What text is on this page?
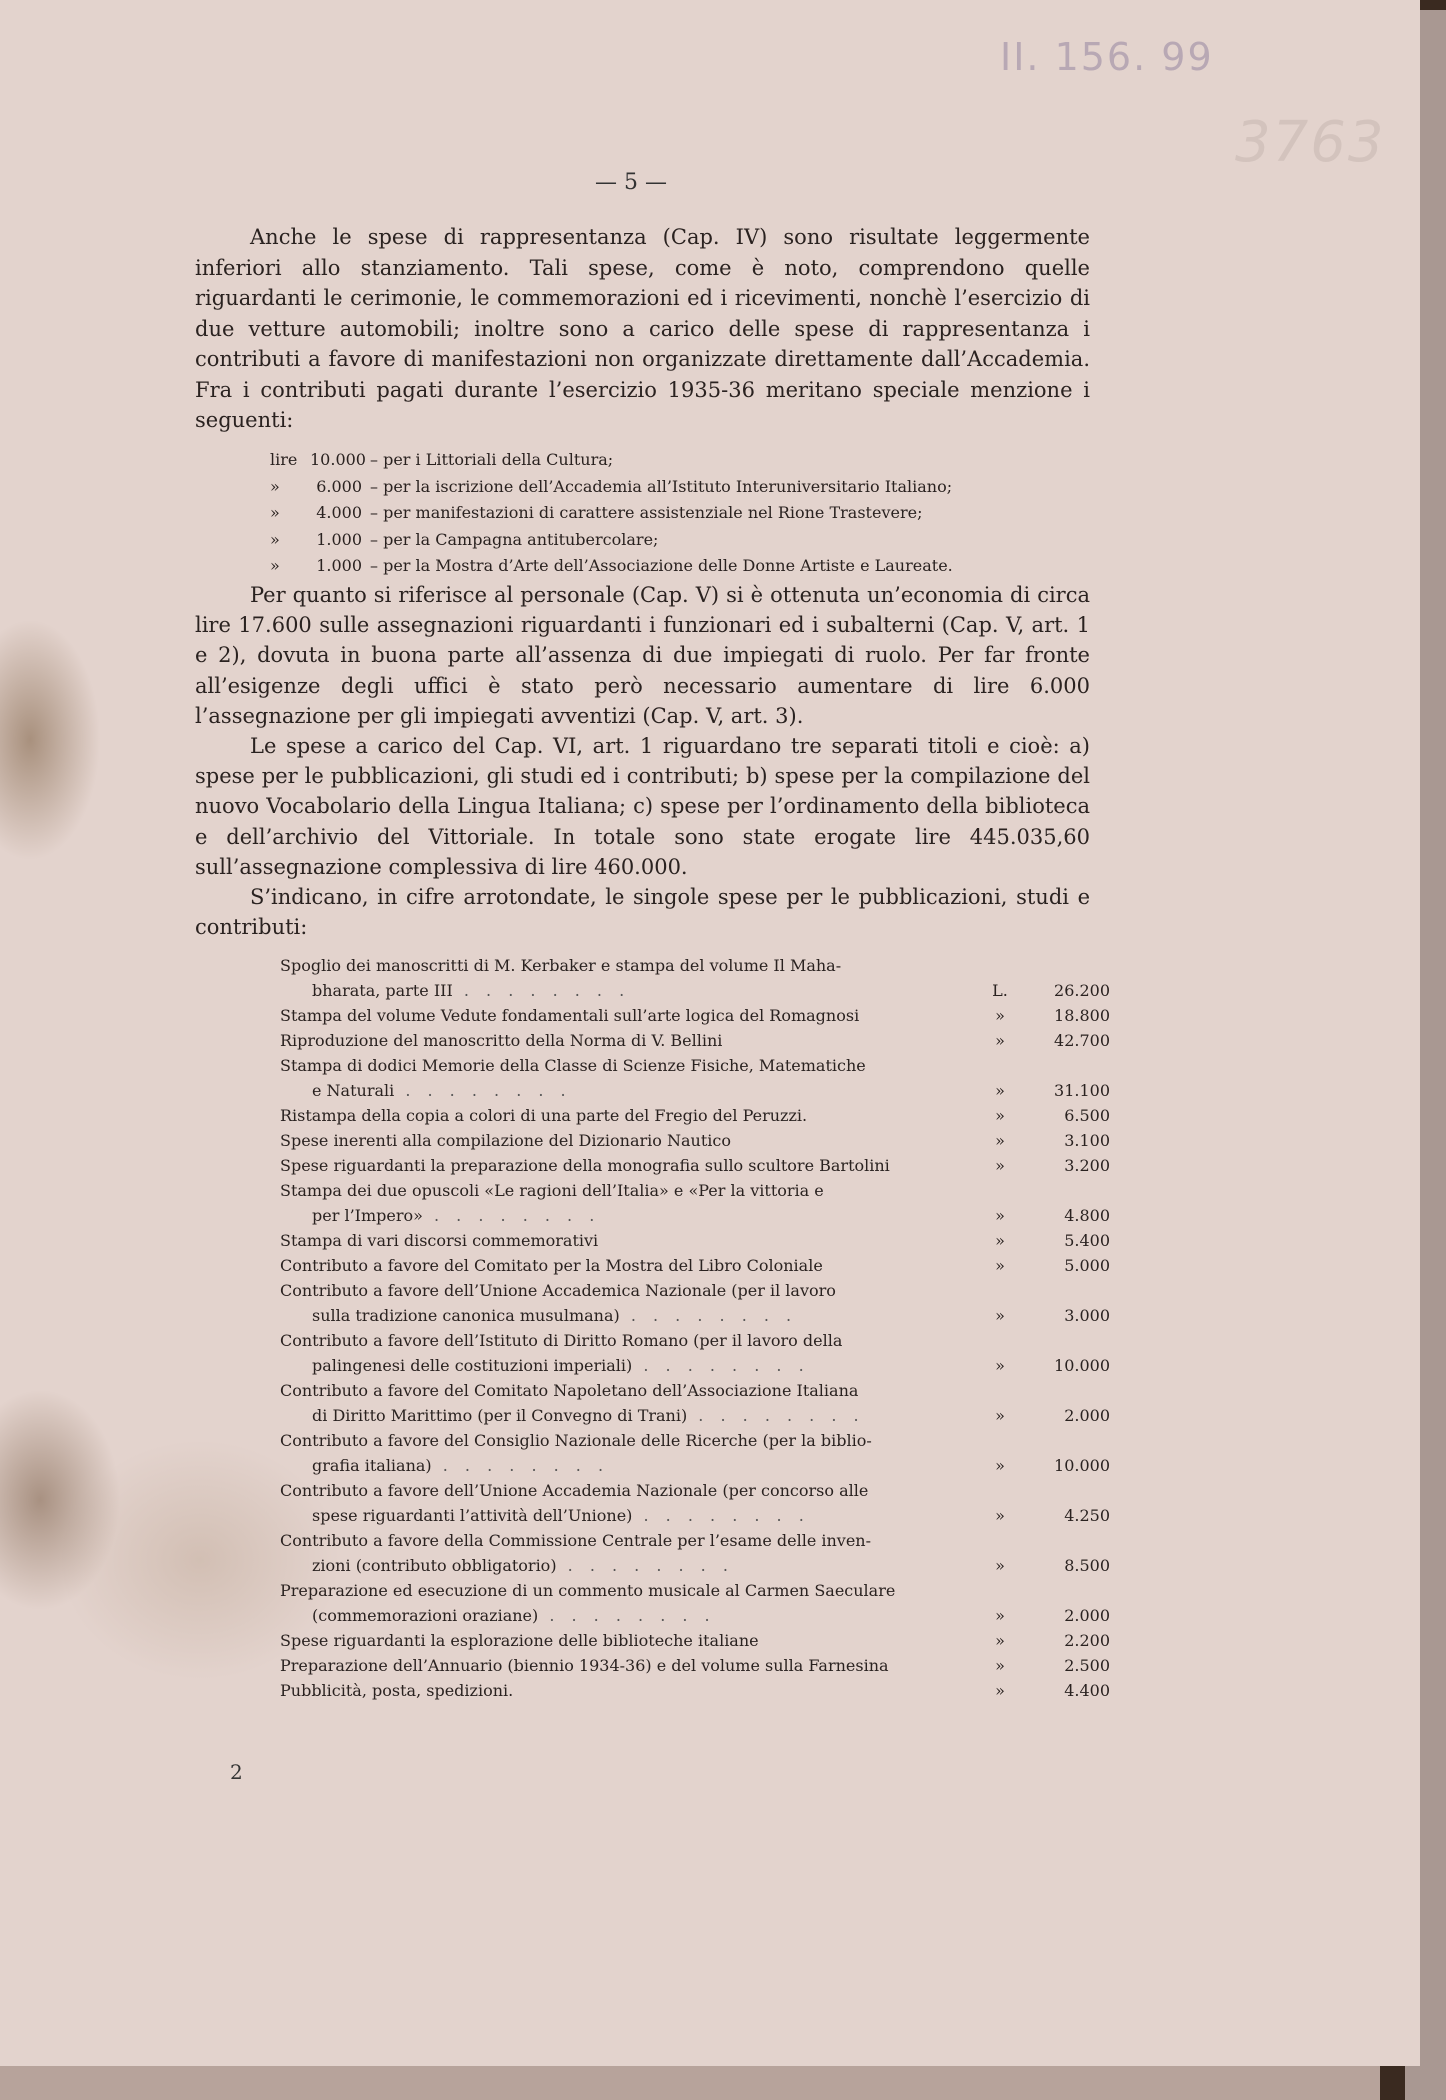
II. 156. 99
3763
— 5 —

Anche le spese di rappresentanza (Cap. IV) sono risultate leggermente inferiori allo stanziamento. Tali spese, come è noto, comprendono quelle riguardanti le cerimonie, le commemorazioni ed i ricevimenti, nonchè l’esercizio di due vetture automobili; inoltre sono a carico delle spese di rappresentanza i contributi a favore di manifestazioni non organizzate direttamente dall’Accademia. Fra i contributi pagati durante l’esercizio 1935-36 meritano speciale menzione i seguenti:

lire 10.000 – per i Littoriali della Cultura;
»	6.000 – per la iscrizione dell’Accademia all’Istituto Interuniversitario Italiano;
»	4.000 – per manifestazioni di carattere assistenziale nel Rione Trastevere;
»	1.000 – per la Campagna antitubercolare;
»	1.000 – per la Mostra d’Arte dell’Associazione delle Donne Artiste e Laureate.

Per quanto si riferisce al personale (Cap. V) si è ottenuta un’economia di circa lire 17.600 sulle assegnazioni riguardanti i funzionari ed i subalterni (Cap. V, art. 1 e 2), dovuta in buona parte all’assenza di due impiegati di ruolo. Per far fronte all’esigenze degli uffici è stato però necessario aumentare di lire 6.000 l’assegnazione per gli impiegati avventizi (Cap. V, art. 3).

Le spese a carico del Cap. VI, art. 1 riguardano tre separati titoli e cioè: a) spese per le pubblicazioni, gli studi ed i contributi; b) spese per la compilazione del nuovo Vocabolario della Lingua Italiana; c) spese per l’ordinamento della biblioteca e dell’archivio del Vittoriale. In totale sono state erogate lire 445.035,60 sull’assegnazione complessiva di lire 460.000.

S’indicano, in cifre arrotondate, le singole spese per le pubblicazioni, studi e contributi:

Spoglio dei manoscritti di M. Kerbaker e stampa del volume Il Maha-
bharata, parte III . . . . . . . .	L.	26.200
Stampa del volume Vedute fondamentali sull’arte logica del Romagnosi	»	18.800
Riproduzione del manoscritto della Norma di V. Bellini	»	42.700
Stampa di dodici Memorie della Classe di Scienze Fisiche, Matematiche
e Naturali . . . . . . . .	»	31.100
Ristampa della copia a colori di una parte del Fregio del Peruzzi.	»	6.500
Spese inerenti alla compilazione del Dizionario Nautico	»	3.100
Spese riguardanti la preparazione della monografia sullo scultore Bartolini	»	3.200
Stampa dei due opuscoli «Le ragioni dell’Italia» e «Per la vittoria e
per l’Impero» . . . . . . . .	»	4.800
Stampa di vari discorsi commemorativi	»	5.400
Contributo a favore del Comitato per la Mostra del Libro Coloniale	»	5.000
Contributo a favore dell’Unione Accademica Nazionale (per il lavoro
sulla tradizione canonica musulmana) . . . . . . . .	»	3.000
Contributo a favore dell’Istituto di Diritto Romano (per il lavoro della
palingenesi delle costituzioni imperiali) . . . . . . . .	»	10.000
Contributo a favore del Comitato Napoletano dell’Associazione Italiana
di Diritto Marittimo (per il Convegno di Trani) . . . . . . . .	»	2.000
Contributo a favore del Consiglio Nazionale delle Ricerche (per la biblio-
grafia italiana) . . . . . . . .	»	10.000
Contributo a favore dell’Unione Accademia Nazionale (per concorso alle
spese riguardanti l’attività dell’Unione) . . . . . . . .	»	4.250
Contributo a favore della Commissione Centrale per l’esame delle inven-
zioni (contributo obbligatorio) . . . . . . . .	»	8.500
Preparazione ed esecuzione di un commento musicale al Carmen Saeculare
(commemorazioni oraziane) . . . . . . . .	»	2.000
Spese riguardanti la esplorazione delle biblioteche italiane	»	2.200
Preparazione dell’Annuario (biennio 1934-36) e del volume sulla Farnesina	»	2.500
Pubblicità, posta, spedizioni.	»	4.400
2
